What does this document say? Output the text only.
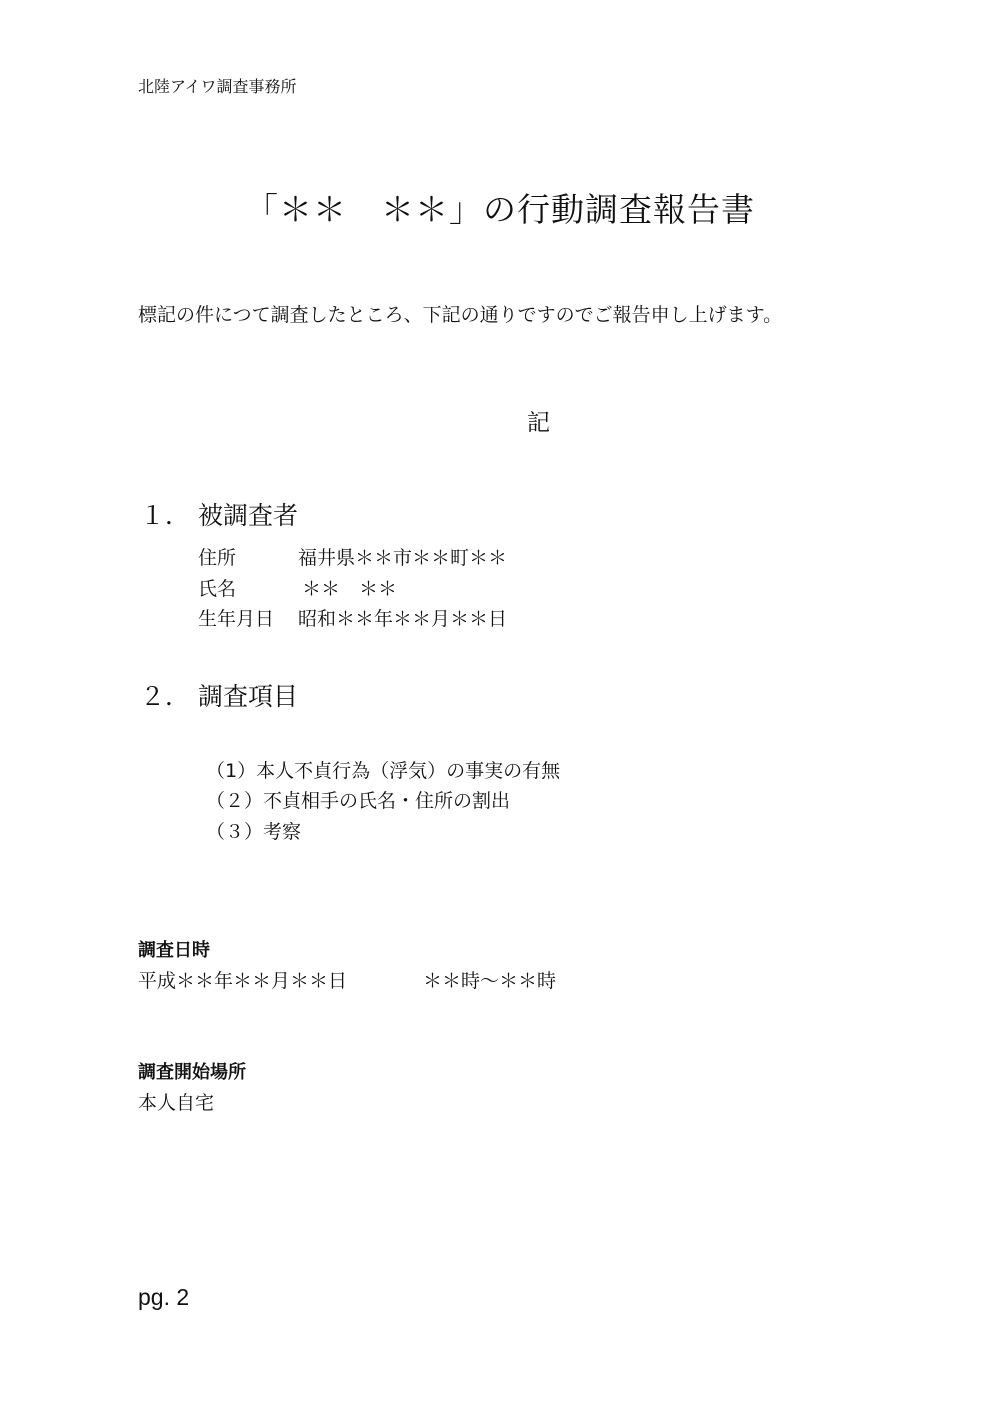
北陸アイワ調査事務所
「＊＊　＊＊」の行動調査報告書
標記の件につて調査したところ、下記の通りですのでご報告申し上げます。
記
１． 被調査者
住所	福井県＊＊市＊＊町＊＊
氏名	＊＊　＊＊
生年月日 昭和＊＊年＊＊月＊＊日
２． 調査項目
（1）本人不貞行為（浮気）の事実の有無
（２）不貞相手の氏名・住所の割出
（３）考察
調査日時
平成＊＊年＊＊月＊＊日	＊＊時〜＊＊時
調査開始場所
本人自宅
pg. 2
